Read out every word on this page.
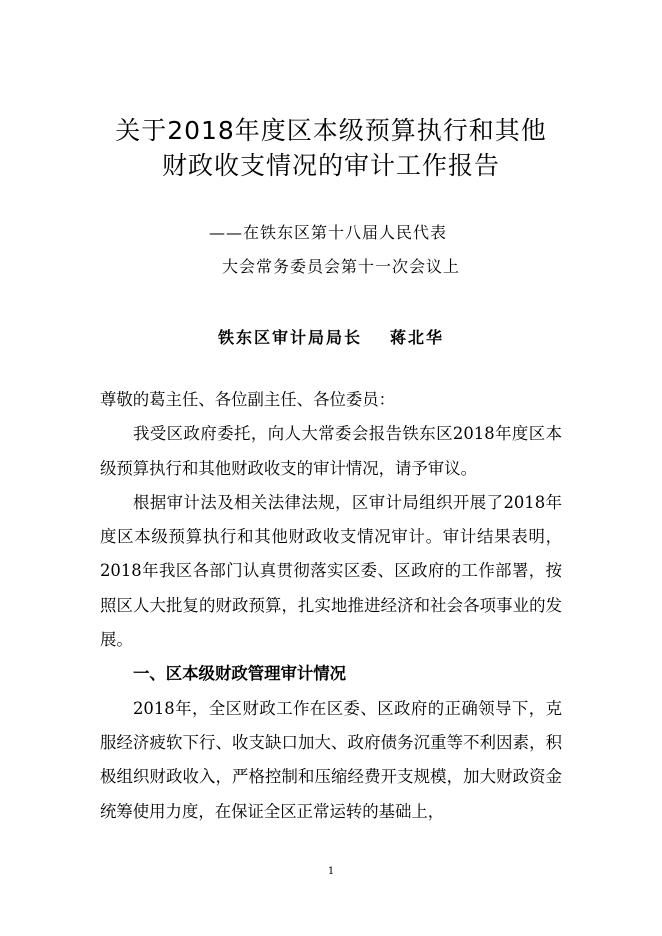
关于2018年度区本级预算执行和其他
财政收支情况的审计工作报告
——在铁东区第十八届人民代表
大会常务委员会第十一次会议上
铁东区审计局局长 蒋北华

尊敬的葛主任、各位副主任、各位委员：

我受区政府委托，向人大常委会报告铁东区2018年度区本级预算执行和其他财政收支的审计情况，请予审议。

根据审计法及相关法律法规，区审计局组织开展了2018年度区本级预算执行和其他财政收支情况审计。审计结果表明，2018年我区各部门认真贯彻落实区委、区政府的工作部署，按照区人大批复的财政预算，扎实地推进经济和社会各项事业的发展。

一、区本级财政管理审计情况

2018年，全区财政工作在区委、区政府的正确领导下，克服经济疲软下行、收支缺口加大、政府债务沉重等不利因素，积极组织财政收入，严格控制和压缩经费开支规模，加大财政资金统筹使用力度，在保证全区正常运转的基础上，

1
